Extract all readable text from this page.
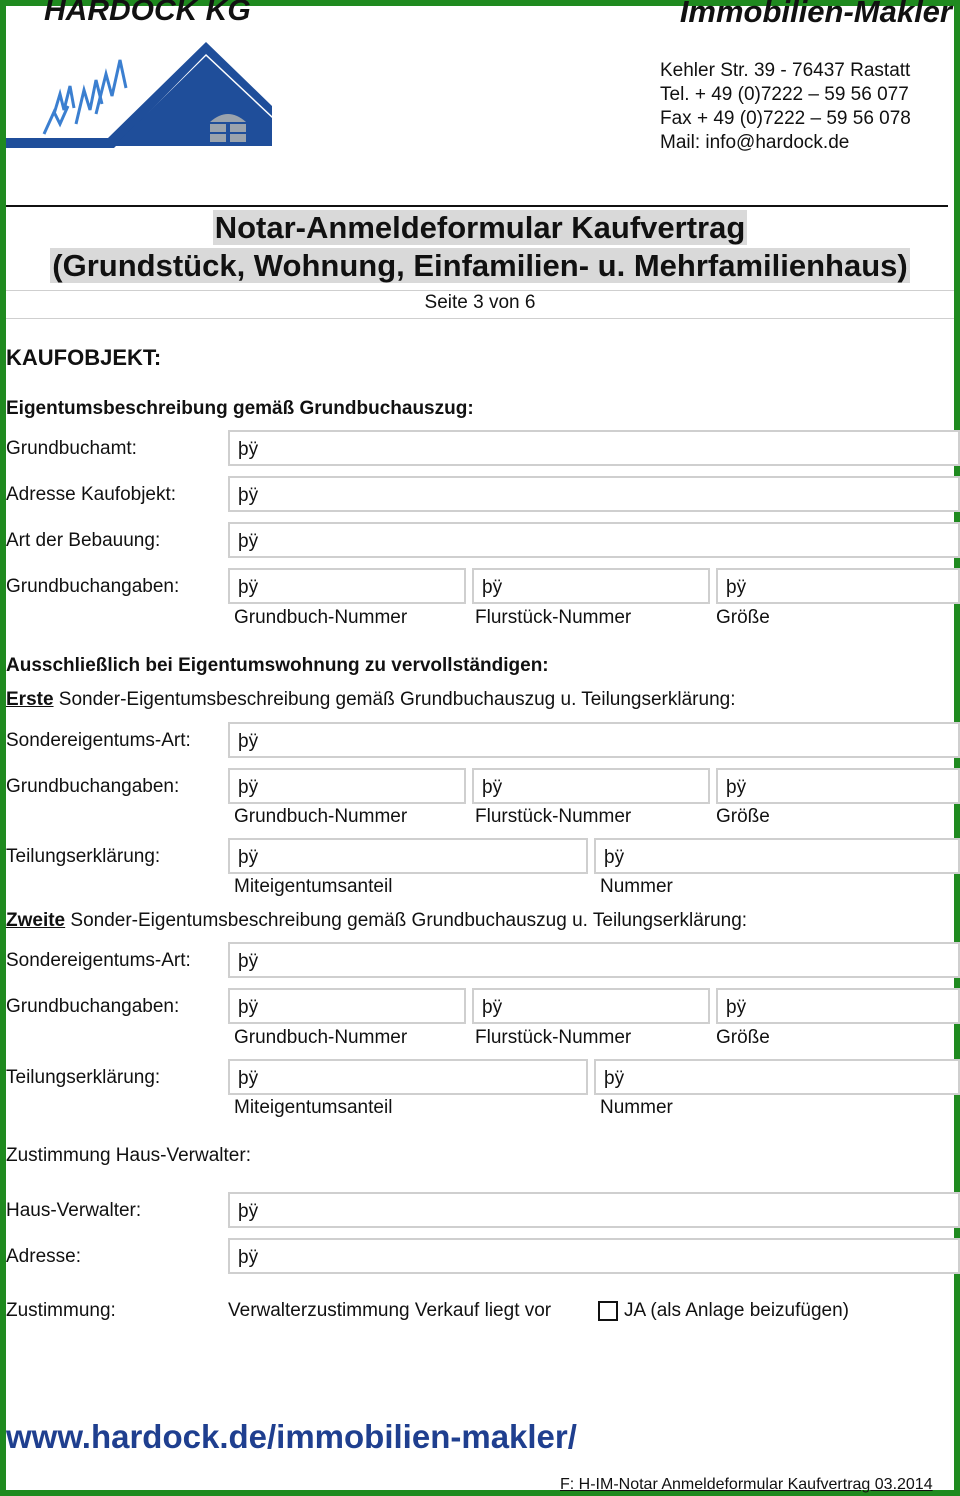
HARDOCK KG	Immobilien-Makler
Kehler Str. 39 - 76437 Rastatt
Tel. + 49 (0)7222 – 59 56 077
Fax + 49 (0)7222 – 59 56 078
Mail: info@hardock.de
Notar-Anmeldeformular Kaufvertrag
(Grundstück, Wohnung, Einfamilien- u. Mehrfamilienhaus)
Seite 3 von 6
KAUFOBJEKT:
Eigentumsbeschreibung gemäß Grundbuchauszug:
Grundbuchamt:	þÿ
Adresse Kaufobjekt:	þÿ
Art der Bebauung:	þÿ
Grundbuchangaben:	þÿ	þÿ	þÿ
Grundbuch-Nummer	Flurstück-Nummer	Größe
Ausschließlich bei Eigentumswohnung zu vervollständigen:
Erste Sonder-Eigentumsbeschreibung gemäß Grundbuchauszug u. Teilungserklärung:
Sondereigentums-Art:	þÿ
Grundbuchangaben:	þÿ	þÿ	þÿ
Grundbuch-Nummer	Flurstück-Nummer	Größe
Teilungserklärung:	þÿ	þÿ
Miteigentumsanteil	Nummer
Zweite Sonder-Eigentumsbeschreibung gemäß Grundbuchauszug u. Teilungserklärung:
Sondereigentums-Art:	þÿ
Grundbuchangaben:	þÿ	þÿ	þÿ
Grundbuch-Nummer	Flurstück-Nummer	Größe
Teilungserklärung:	þÿ	þÿ
Miteigentumsanteil	Nummer
Zustimmung Haus-Verwalter:
Haus-Verwalter:	þÿ
Adresse:	þÿ
Zustimmung:	Verwalterzustimmung Verkauf liegt vor	JA (als Anlage beizufügen)
www.hardock.de/immobilien-makler/
F: H-IM-Notar Anmeldeformular Kaufvertrag 03.2014
